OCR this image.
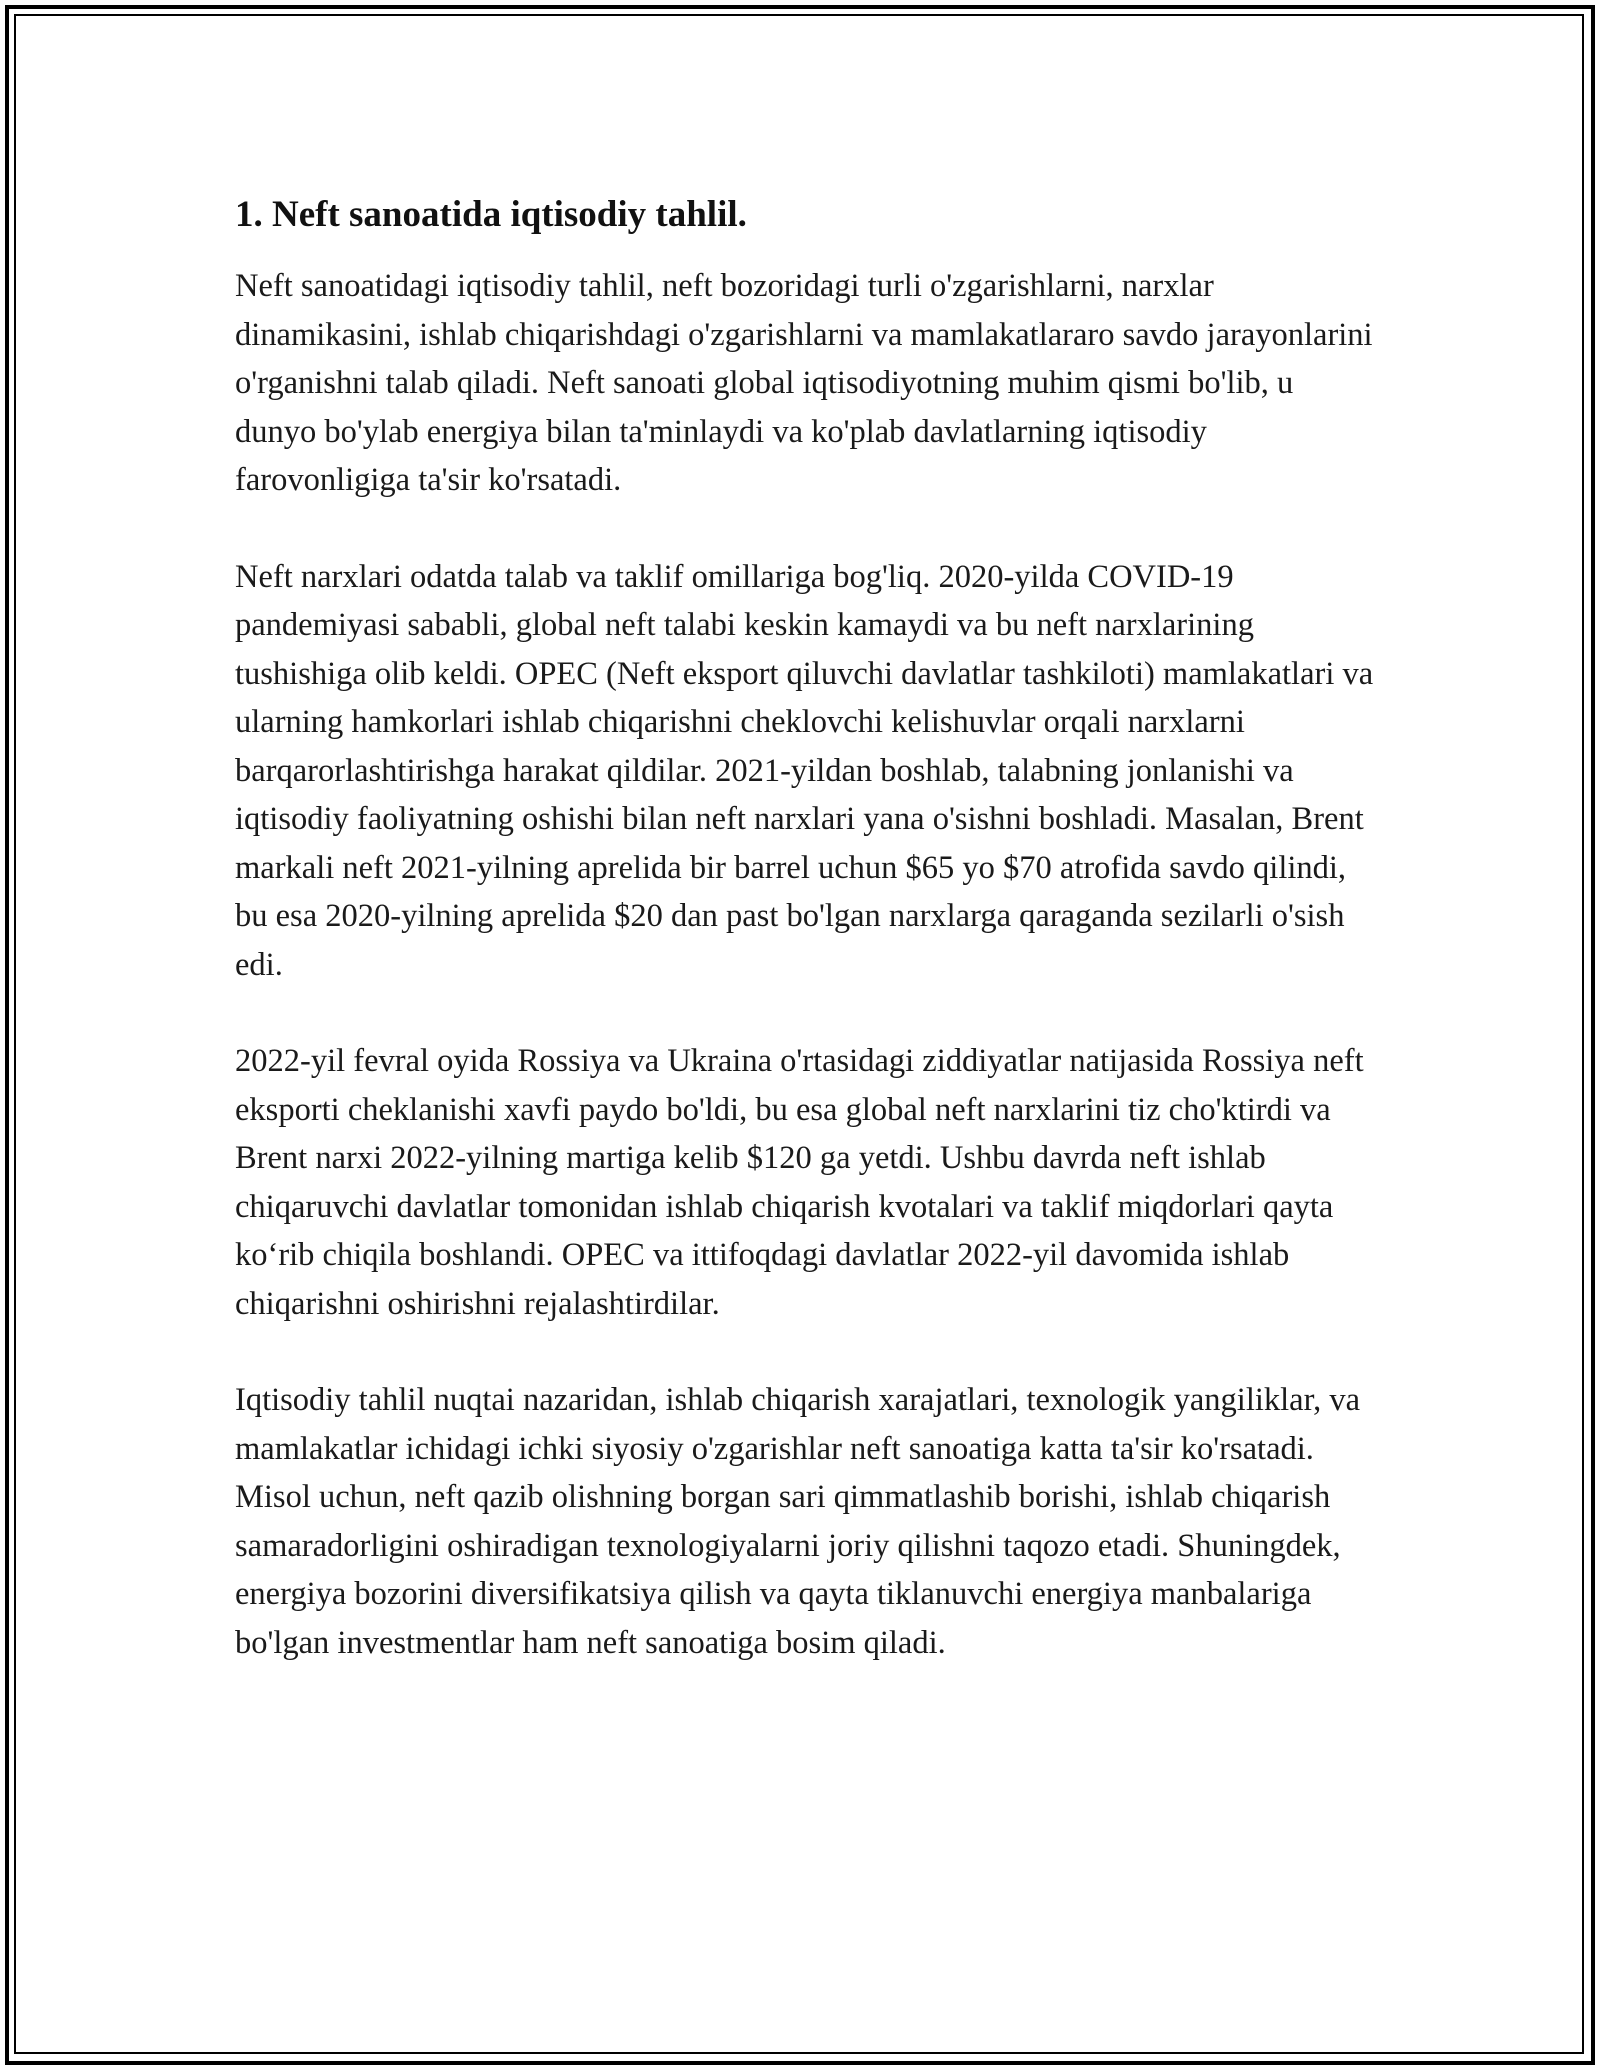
1. Neft sanoatida iqtisodiy tahlil.

Neft sanoatidagi iqtisodiy tahlil, neft bozoridagi turli o'zgarishlarni, narxlar dinamikasini, ishlab chiqarishdagi o'zgarishlarni va mamlakatlararo savdo jarayonlarini o'rganishni talab qiladi. Neft sanoati global iqtisodiyotning muhim qismi bo'lib, u dunyo bo'ylab energiya bilan ta'minlaydi va ko'plab davlatlarning iqtisodiy farovonligiga ta'sir ko'rsatadi.

Neft narxlari odatda talab va taklif omillariga bog'liq. 2020-yilda COVID-19 pandemiyasi sababli, global neft talabi keskin kamaydi va bu neft narxlarining tushishiga olib keldi. OPEC (Neft eksport qiluvchi davlatlar tashkiloti) mamlakatlari va ularning hamkorlari ishlab chiqarishni cheklovchi kelishuvlar orqali narxlarni barqarorlashtirishga harakat qildilar. 2021-yildan boshlab, talabning jonlanishi va iqtisodiy faoliyatning oshishi bilan neft narxlari yana o'sishni boshladi. Masalan, Brent markali neft 2021-yilning aprelida bir barrel uchun $65 yo $70 atrofida savdo qilindi, bu esa 2020-yilning aprelida $20 dan past bo'lgan narxlarga qaraganda sezilarli o'sish edi.

2022-yil fevral oyida Rossiya va Ukraina o'rtasidagi ziddiyatlar natijasida Rossiya neft eksporti cheklanishi xavfi paydo bo'ldi, bu esa global neft narxlarini tiz cho'ktirdi va Brent narxi 2022-yilning martiga kelib $120 ga yetdi. Ushbu davrda neft ishlab chiqaruvchi davlatlar tomonidan ishlab chiqarish kvotalari va taklif miqdorlari qayta ko‘rib chiqila boshlandi. OPEC va ittifoqdagi davlatlar 2022-yil davomida ishlab chiqarishni oshirishni rejalashtirdilar.

Iqtisodiy tahlil nuqtai nazaridan, ishlab chiqarish xarajatlari, texnologik yangiliklar, va mamlakatlar ichidagi ichki siyosiy o'zgarishlar neft sanoatiga katta ta'sir ko'rsatadi. Misol uchun, neft qazib olishning borgan sari qimmatlashib borishi, ishlab chiqarish samaradorligini oshiradigan texnologiyalarni joriy qilishni taqozo etadi. Shuningdek, energiya bozorini diversifikatsiya qilish va qayta tiklanuvchi energiya manbalariga bo'lgan investmentlar ham neft sanoatiga bosim qiladi.
